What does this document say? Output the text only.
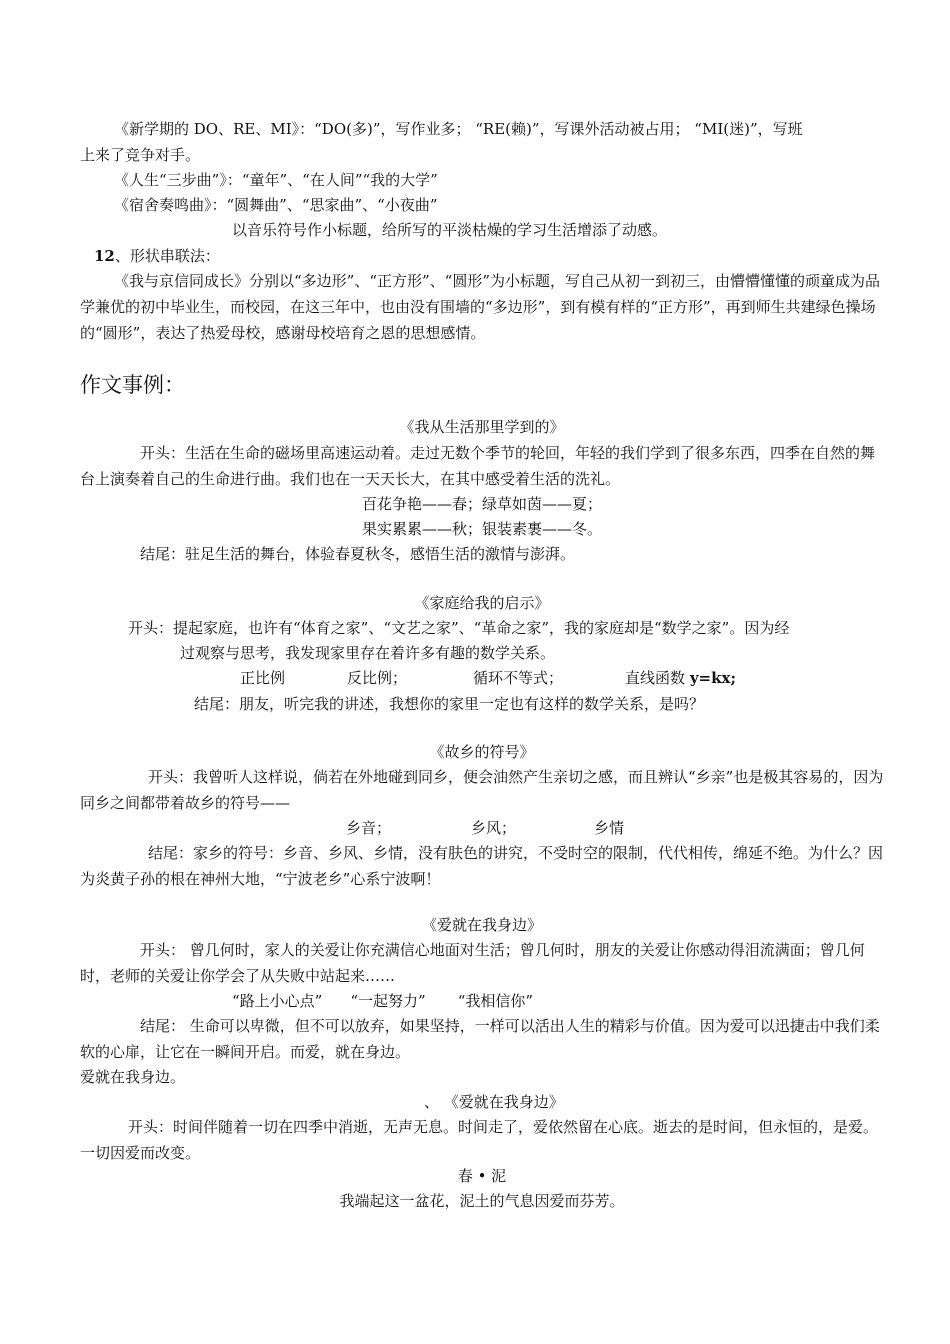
《新学期的 DO、RE、MI》：“DO(多)”，写作业多； “RE(赖)”，写课外活动被占用； “MI(迷)”，写班
上来了竞争对手。
《人生“三步曲”》：“童年”、“在人间”“我的大学”
《宿舍奏鸣曲》：“圆舞曲”、“思家曲”、“小夜曲”
以音乐符号作小标题，给所写的平淡枯燥的学习生活增添了动感。
12、形状串联法：
《我与京信同成长》分别以“多边形”、“正方形”、“圆形”为小标题，写自己从初一到初三，由懵懵懂懂的顽童成为品学兼优的初中毕业生，而校园，在这三年中，也由没有围墙的“多边形”，到有模有样的“正方形”，再到师生共建绿色操场的“圆形”，表达了热爱母校，感谢母校培育之恩的思想感情。
作文事例：
《我从生活那里学到的》
开头：生活在生命的磁场里高速运动着。走过无数个季节的轮回，年轻的我们学到了很多东西，四季在自然的舞台上演奏着自己的生命进行曲。我们也在一天天长大，在其中感受着生活的洗礼。
百花争艳——春；绿草如茵——夏；
果实累累——秋；银装素裹——冬。
结尾：驻足生活的舞台，体验春夏秋冬，感悟生活的激情与澎湃。
《家庭给我的启示》
开头：提起家庭，也许有“体育之家”、“文艺之家”、“革命之家”，我的家庭却是“数学之家”。因为经
过观察与思考，我发现家里存在着许多有趣的数学关系。
正比例	反比例；	循环不等式；	直线函数 y=kx;
结尾：朋友，听完我的讲述，我想你的家里一定也有这样的数学关系，是吗？
《故乡的符号》
开头：我曾听人这样说，倘若在外地碰到同乡，便会油然产生亲切之感，而且辨认“乡亲”也是极其容易的，因为同乡之间都带着故乡的符号——
乡音；	乡风；	乡情
结尾：家乡的符号：乡音、乡风、乡情，没有肤色的讲究，不受时空的限制，代代相传，绵延不绝。为什么？因为炎黄子孙的根在神州大地，“宁波老乡”心系宁波啊！
《爱就在我身边》
开头： 曾几何时，家人的关爱让你充满信心地面对生活；曾几何时，朋友的关爱让你感动得泪流满面；曾几何时，老师的关爱让你学会了从失败中站起来……
“路上小心点” “一起努力” “我相信你”
结尾： 生命可以卑微，但不可以放弃，如果坚持，一样可以活出人生的精彩与价值。因为爱可以迅捷击中我们柔软的心扉，让它在一瞬间开启。而爱，就在身边。
爱就在我身边。
、 《爱就在我身边》
开头：时间伴随着一切在四季中消逝，无声无息。时间走了，爱依然留在心底。逝去的是时间，但永恒的，是爱。一切因爱而改变。
春 • 泥
我端起这一盆花，泥土的气息因爱而芬芳。
